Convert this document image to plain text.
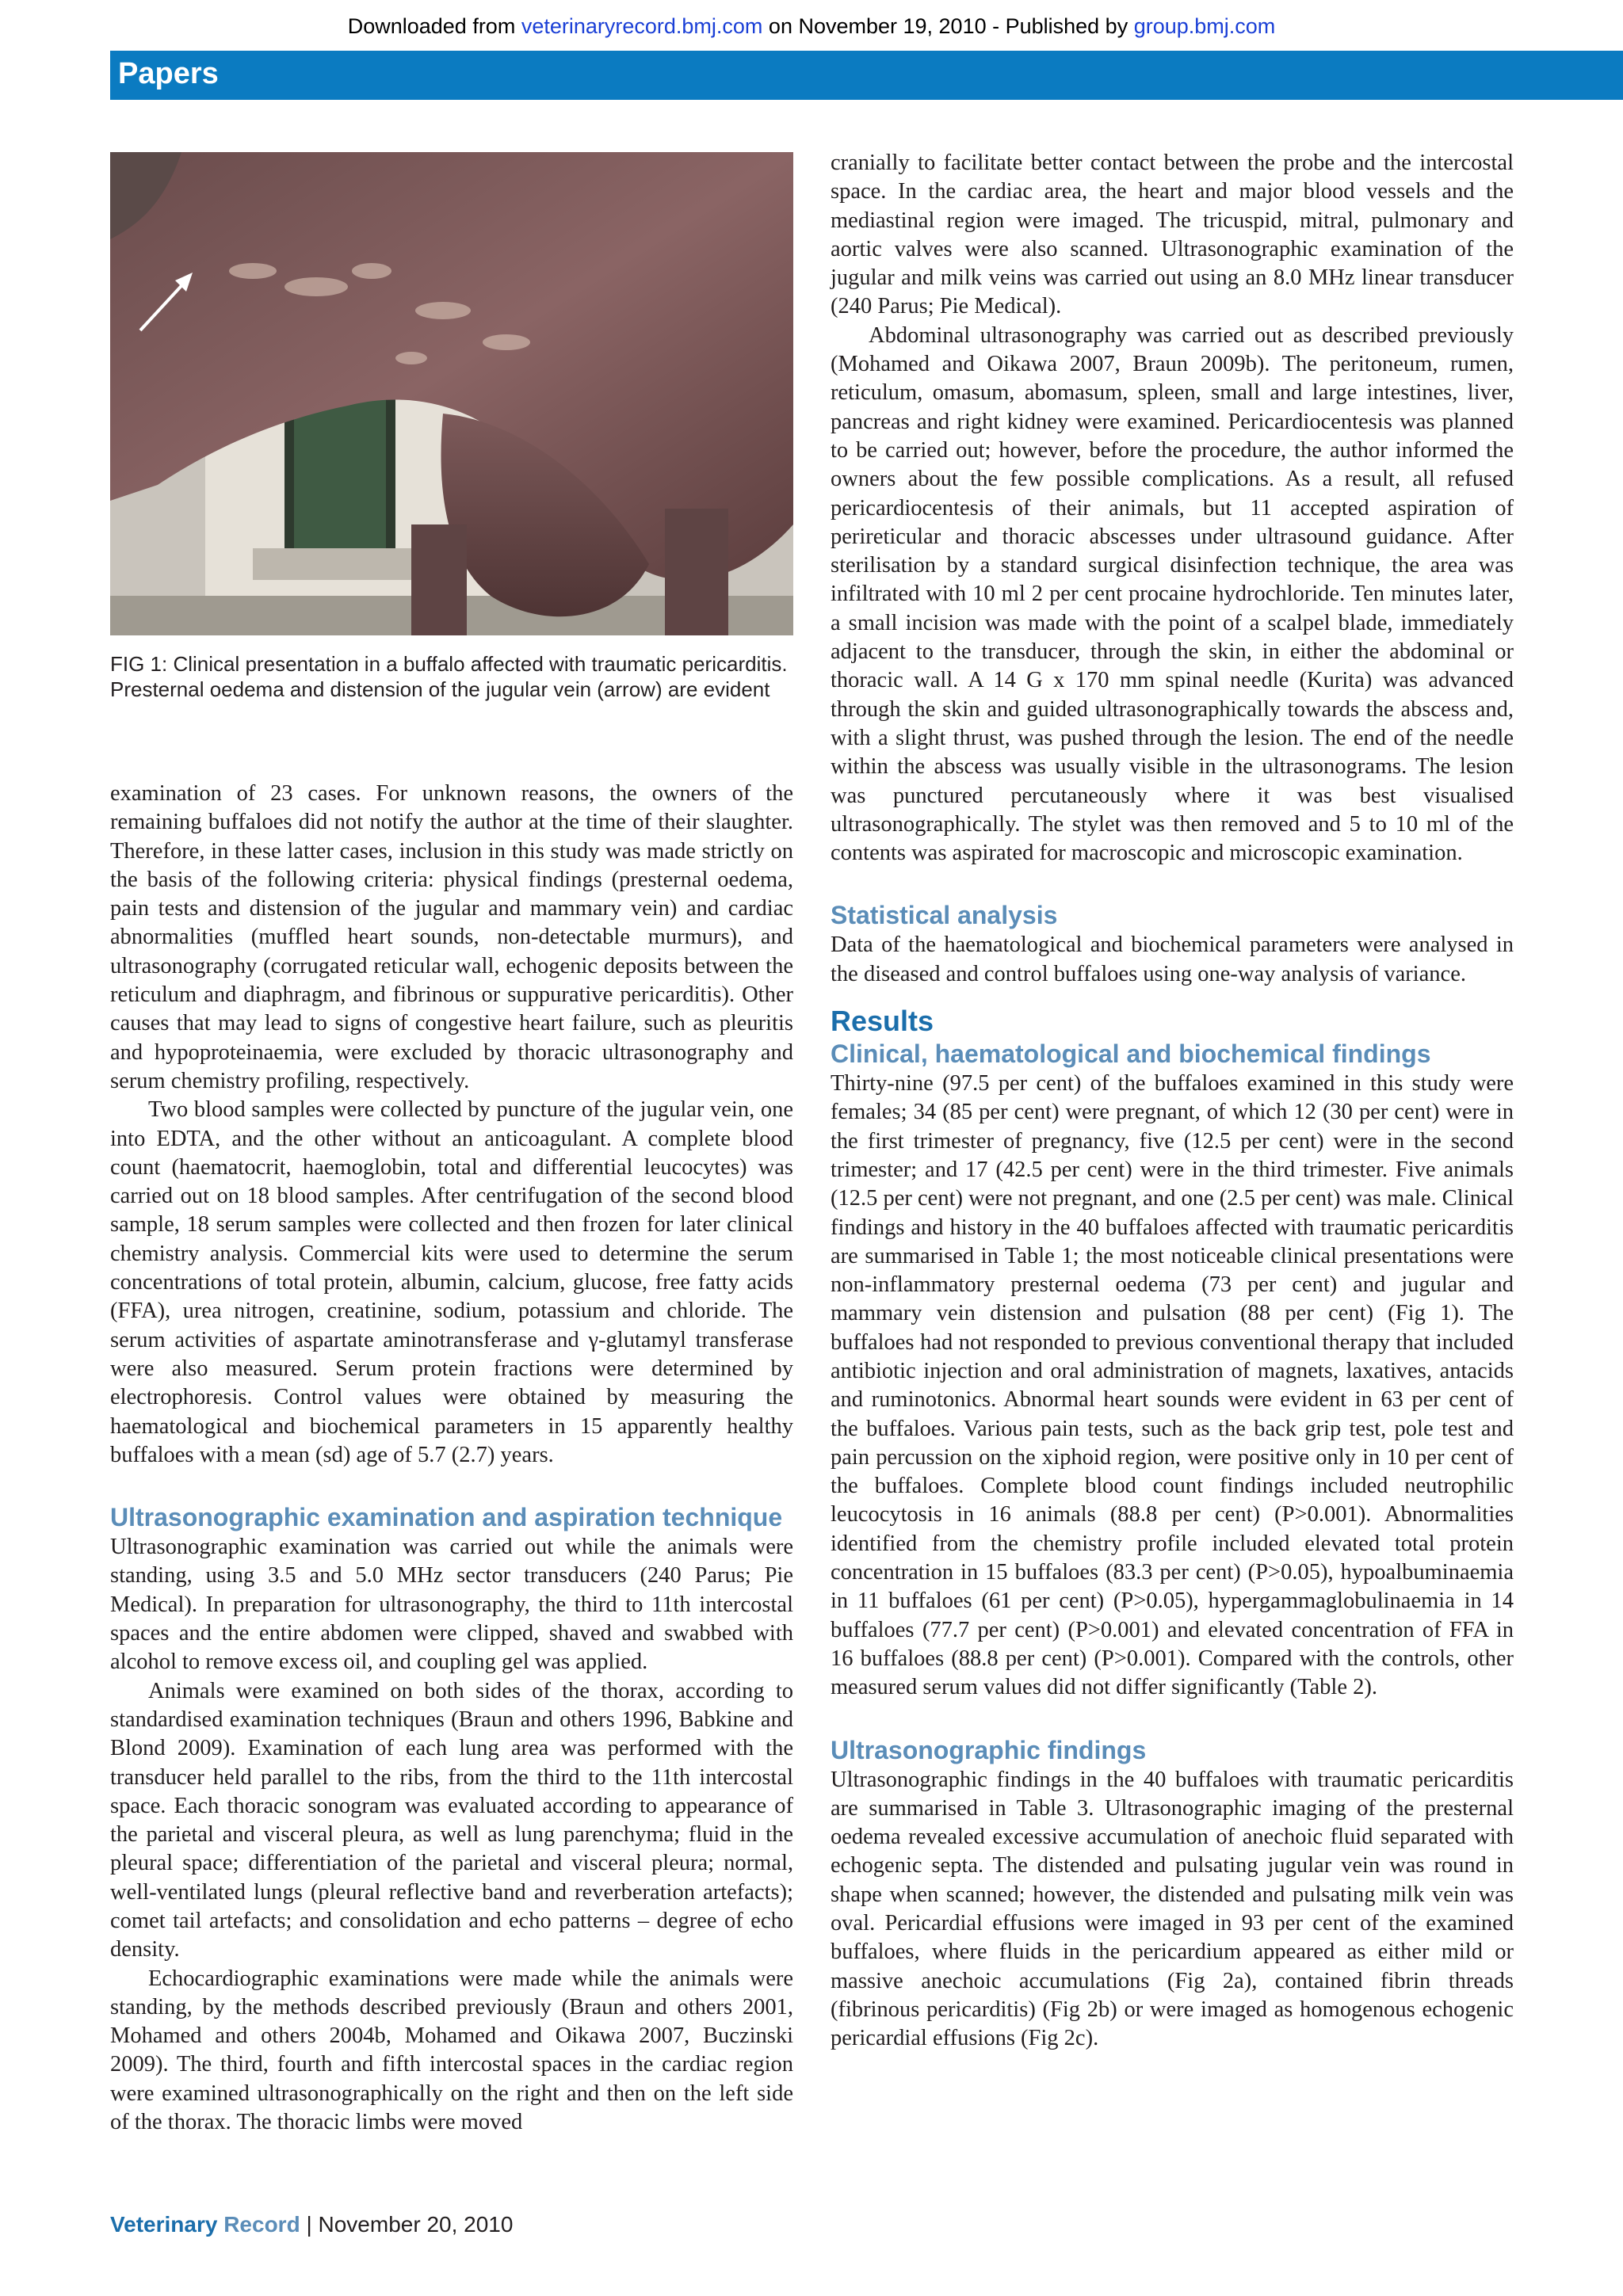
Downloaded from veterinaryrecord.bmj.com on November 19, 2010 - Published by group.bmj.com
Papers
FIG 1: Clinical presentation in a buffalo affected with traumatic pericarditis. Presternal oedema and distension of the jugular vein (arrow) are evident

examination of 23 cases. For unknown reasons, the owners of the remaining buffaloes did not notify the author at the time of their slaughter. Therefore, in these latter cases, inclusion in this study was made strictly on the basis of the following criteria: physical findings (presternal oedema, pain tests and distension of the jugular and mammary vein) and cardiac abnormalities (muffled heart sounds, non-detectable murmurs), and ultrasonography (corrugated reticular wall, echogenic deposits between the reticulum and diaphragm, and fibrinous or suppurative pericarditis). Other causes that may lead to signs of congestive heart failure, such as pleuritis and hypoproteinaemia, were excluded by thoracic ultrasonography and serum chemistry profiling, respectively.

Two blood samples were collected by puncture of the jugular vein, one into EDTA, and the other without an anticoagulant. A complete blood count (haematocrit, haemoglobin, total and differential leucocytes) was carried out on 18 blood samples. After centrifugation of the second blood sample, 18 serum samples were collected and then frozen for later clinical chemistry analysis. Commercial kits were used to determine the serum concentrations of total protein, albumin, calcium, glucose, free fatty acids (FFA), urea nitrogen, creatinine, sodium, potassium and chloride. The serum activities of aspartate aminotransferase and γ-glutamyl transferase were also measured. Serum protein fractions were determined by electrophoresis. Control values were obtained by measuring the haematological and biochemical parameters in 15 apparently healthy buffaloes with a mean (sd) age of 5.7 (2.7) years.

Ultrasonographic examination and aspiration technique

Ultrasonographic examination was carried out while the animals were standing, using 3.5 and 5.0 MHz sector transducers (240 Parus; Pie Medical). In preparation for ultrasonography, the third to 11th intercostal spaces and the entire abdomen were clipped, shaved and swabbed with alcohol to remove excess oil, and coupling gel was applied.

Animals were examined on both sides of the thorax, according to standardised examination techniques (Braun and others 1996, Babkine and Blond 2009). Examination of each lung area was performed with the transducer held parallel to the ribs, from the third to the 11th intercostal space. Each thoracic sonogram was evaluated according to appearance of the parietal and visceral pleura, as well as lung parenchyma; fluid in the pleural space; differentiation of the parietal and visceral pleura; normal, well-ventilated lungs (pleural reflective band and reverberation artefacts); comet tail artefacts; and consolidation and echo patterns – degree of echo density.

Echocardiographic examinations were made while the animals were standing, by the methods described previously (Braun and others 2001, Mohamed and others 2004b, Mohamed and Oikawa 2007, Buczinski 2009). The third, fourth and fifth intercostal spaces in the cardiac region were examined ultrasonographically on the right and then on the left side of the thorax. The thoracic limbs were moved

cranially to facilitate better contact between the probe and the intercostal space. In the cardiac area, the heart and major blood vessels and the mediastinal region were imaged. The tricuspid, mitral, pulmonary and aortic valves were also scanned. Ultrasonographic examination of the jugular and milk veins was carried out using an 8.0 MHz linear transducer (240 Parus; Pie Medical).

Abdominal ultrasonography was carried out as described previously (Mohamed and Oikawa 2007, Braun 2009b). The peritoneum, rumen, reticulum, omasum, abomasum, spleen, small and large intestines, liver, pancreas and right kidney were examined. Pericardiocentesis was planned to be carried out; however, before the procedure, the author informed the owners about the few possible complications. As a result, all refused pericardiocentesis of their animals, but 11 accepted aspiration of perireticular and thoracic abscesses under ultrasound guidance. After sterilisation by a standard surgical disinfection technique, the area was infiltrated with 10 ml 2 per cent procaine hydrochloride. Ten minutes later, a small incision was made with the point of a scalpel blade, immediately adjacent to the transducer, through the skin, in either the abdominal or thoracic wall. A 14 G x 170 mm spinal needle (Kurita) was advanced through the skin and guided ultrasonographically towards the abscess and, with a slight thrust, was pushed through the lesion. The end of the needle within the abscess was usually visible in the ultrasonograms. The lesion was punctured percutaneously where it was best visualised ultrasonographically. The stylet was then removed and 5 to 10 ml of the contents was aspirated for macroscopic and microscopic examination.

Statistical analysis

Data of the haematological and biochemical parameters were analysed in the diseased and control buffaloes using one-way analysis of variance.

Results
Clinical, haematological and biochemical findings

Thirty-nine (97.5 per cent) of the buffaloes examined in this study were females; 34 (85 per cent) were pregnant, of which 12 (30 per cent) were in the first trimester of pregnancy, five (12.5 per cent) were in the second trimester; and 17 (42.5 per cent) were in the third trimester. Five animals (12.5 per cent) were not pregnant, and one (2.5 per cent) was male. Clinical findings and history in the 40 buffaloes affected with traumatic pericarditis are summarised in Table 1; the most noticeable clinical presentations were non-inflammatory presternal oedema (73 per cent) and jugular and mammary vein distension and pulsation (88 per cent) (Fig 1). The buffaloes had not responded to previous conventional therapy that included antibiotic injection and oral administration of magnets, laxatives, antacids and ruminotonics. Abnormal heart sounds were evident in 63 per cent of the buffaloes. Various pain tests, such as the back grip test, pole test and pain percussion on the xiphoid region, were positive only in 10 per cent of the buffaloes. Complete blood count findings included neutrophilic leucocytosis in 16 animals (88.8 per cent) (P>0.001). Abnormalities identified from the chemistry profile included elevated total protein concentration in 15 buffaloes (83.3 per cent) (P>0.05), hypoalbuminaemia in 11 buffaloes (61 per cent) (P>0.05), hypergammaglobulinaemia in 14 buffaloes (77.7 per cent) (P>0.001) and elevated concentration of FFA in 16 buffaloes (88.8 per cent) (P>0.001). Compared with the controls, other measured serum values did not differ significantly (Table 2).

Ultrasonographic findings

Ultrasonographic findings in the 40 buffaloes with traumatic pericarditis are summarised in Table 3. Ultrasonographic imaging of the presternal oedema revealed excessive accumulation of anechoic fluid separated with echogenic septa. The distended and pulsating jugular vein was round in shape when scanned; however, the distended and pulsating milk vein was oval. Pericardial effusions were imaged in 93 per cent of the examined buffaloes, where fluids in the pericardium appeared as either mild or massive anechoic accumulations (Fig 2a), contained fibrin threads (fibrinous pericarditis) (Fig 2b) or were imaged as homogenous echogenic pericardial effusions (Fig 2c).

Veterinary Record | November 20, 2010
